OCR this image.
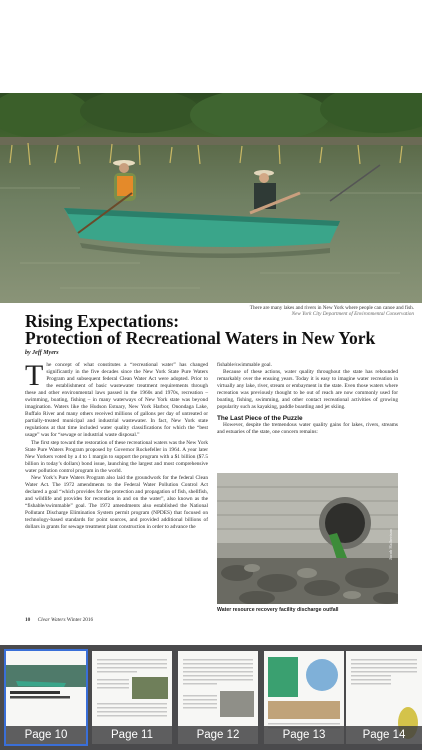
There are many lakes and rivers in New York where people can canoe and fish.
New York City Department of Environmental Conservation
Rising Expectations:
Protection of Recreational Waters in New York
by Jeff Myers

The concept of what constitutes a “recreational water” has changed significantly in the five decades since the New York State Pure Waters Program and subsequent federal Clean Water Act were adopted. Prior to the establishment of basic wastewater treatment requirements through these and other environmental laws passed in the 1960s and 1970s, recreation – swimming, boating, fishing – in many waterways of New York state was beyond imagination. Waters like the Hudson Estuary, New York Harbor, Onondaga Lake, Buffalo River and many others received millions of gallons per day of untreated or partially-treated municipal and industrial wastewater. In fact, New York state regulations at that time included water quality classifications for which the “best usage” was for “sewage or industrial waste disposal.”

The first step toward the restoration of these recreational waters was the New York State Pure Waters Program proposed by Governor Rockefeller in 1964. A year later New Yorkers voted by a 4 to 1 margin to support the program with a $1 billion ($7.5 billion in today’s dollars) bond issue, launching the largest and most comprehensive water pollution control program in the world.

New York’s Pure Waters Program also laid the groundwork for the federal Clean Water Act. The 1972 amendments to the Federal Water Pollution Control Act declared a goal “which provides for the protection and propagation of fish, shellfish, and wildlife and provides for recreation in and on the water”, also known as the “fishable/swimmable” goal. The 1972 amendments also established the National Pollutant Discharge Elimination System permit program (NPDES) that focused on technology-based standards for point sources, and provided additional billions of dollars in grants for sewage treatment plant construction in order to advance the

fishable/swimmable goal.

Because of these actions, water quality throughout the state has rebounded remarkably over the ensuing years. Today it is easy to imagine water recreation in virtually any lake, river, stream or embayment in the state. Even those waters where recreation was previously thought to be out of reach are now commonly used for boating, fishing, swimming, and other contact recreational activities of growing popularity such as kayaking, paddle boarding and jet skiing.

The Last Piece of the Puzzle

However, despite the tremendous water quality gains for lakes, rivers, streams and estuaries of the state, one concern remains:

Jacob Halbertson
Water resource recovery facility discharge outfall
10 Clear Waters Winter 2016
Page 10	Page 11	Page 12	Page 13	Page 14
